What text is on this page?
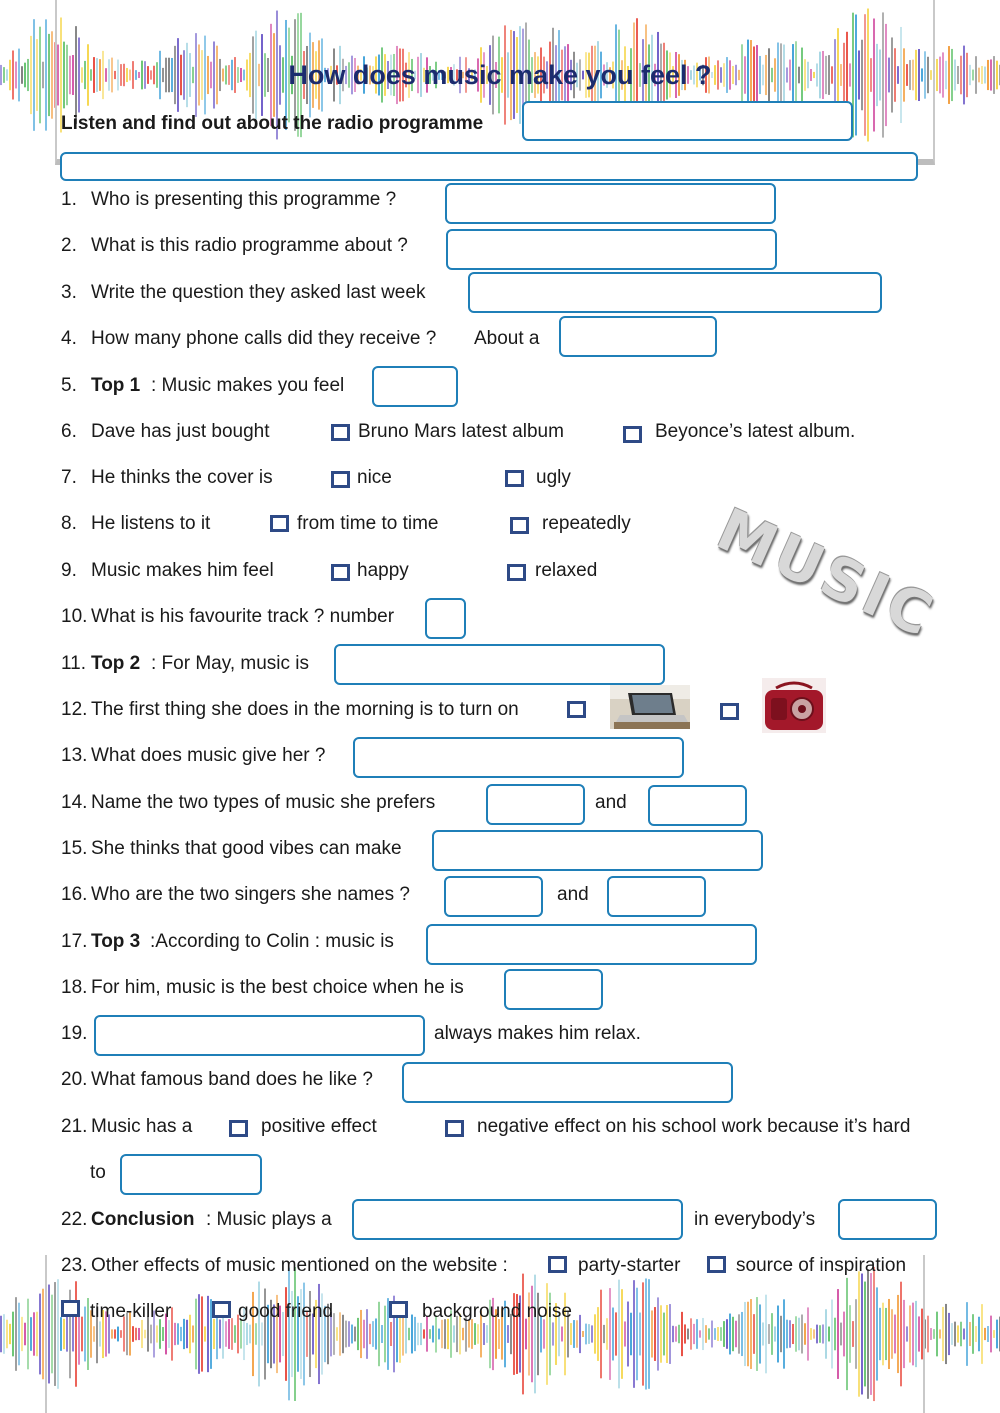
How does music make you feel ?
Listen and find out about the radio programme
1. Who is presenting this programme ?
2. What is this radio programme about ?
3. Write the question they asked last week
4. How many phone calls did they receive ? About a
5. Top 1 : Music makes you feel
6. Dave has just bought	Bruno Mars latest album	Beyonce’s latest album.
7. He thinks the cover is	nice	ugly
8. He listens to it	from time to time	repeatedly
9. Music makes him feel	happy	relaxed MUSIC
10. What is his favourite track ? number
11. Top 2 : For May, music is
12. The first thing she does in the morning is to turn on
13. What does music give her ?
14. Name the two types of music she prefers	and
15. She thinks that good vibes can make
16. Who are the two singers she names ?	and
17. Top 3 :According to Colin : music is
18. For him, music is the best choice when he is
19.	always makes him relax.
20. What famous band does he like ?
21. Music has a	positive effect	negative effect on his school work because it’s hard
to
22. Conclusion : Music plays a	in everybody’s
23. Other effects of music mentioned on the website :	party-starter	source of inspiration
time-killer	good friend	background noise
